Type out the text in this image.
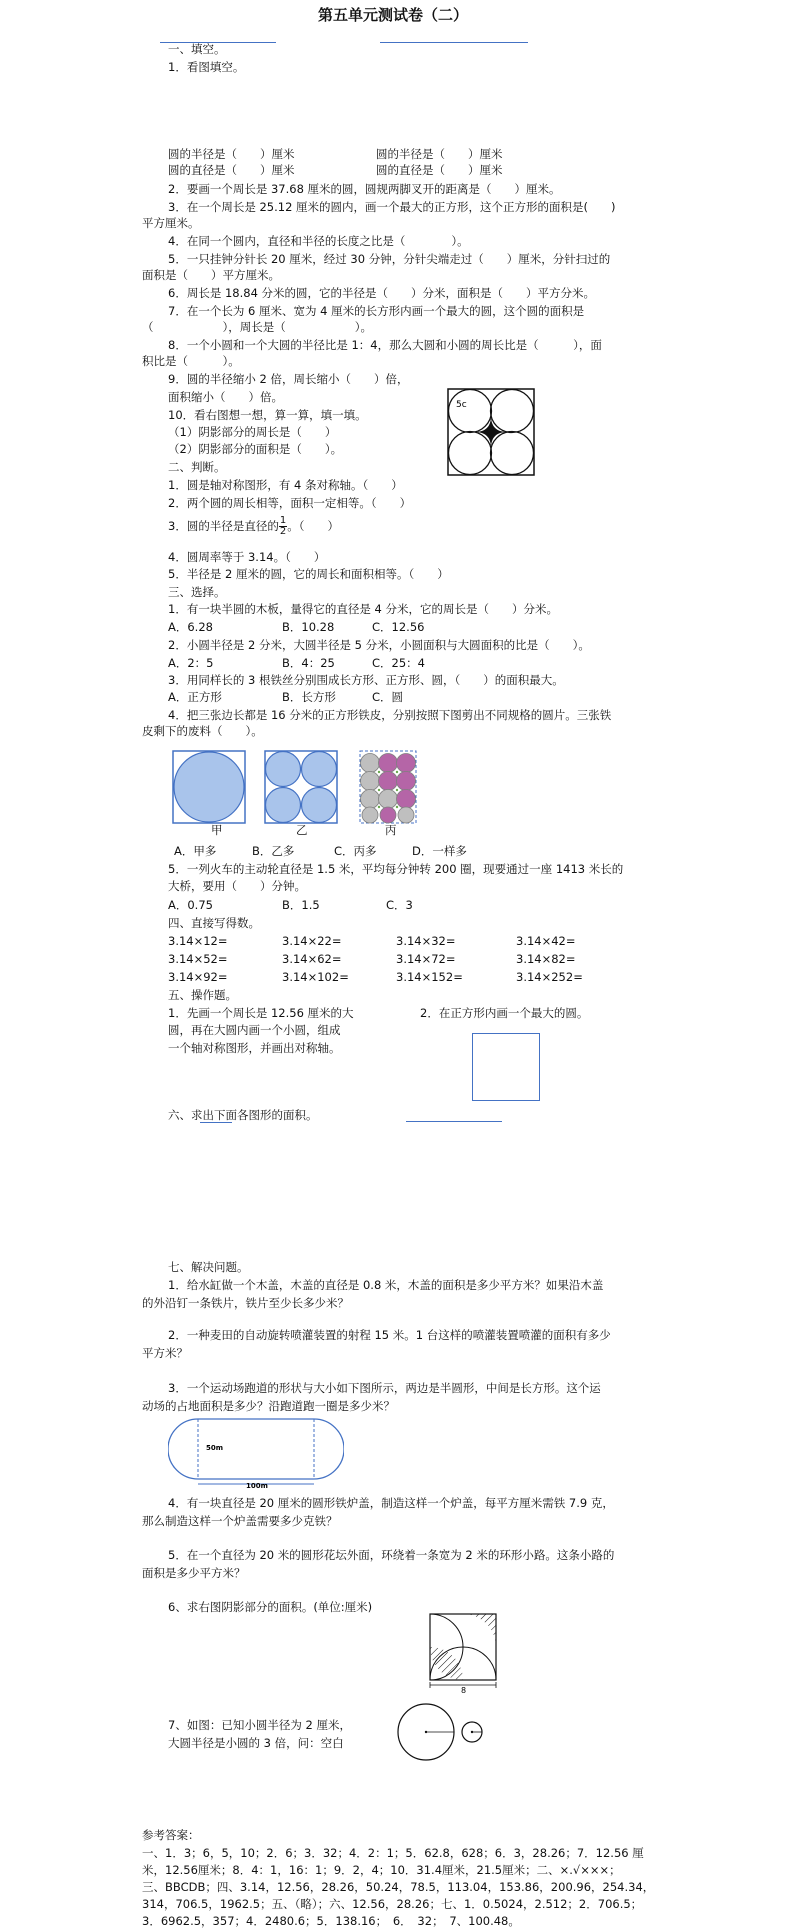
第五单元测试卷（二）
一、填空。
1．看图填空。
圆的半径是（　　）厘米	圆的半径是（　　）厘米
圆的直径是（　　）厘米	圆的直径是（　　）厘米
2．要画一个周长是 37.68 厘米的圆，圆规两脚叉开的距离是（　　）厘米。
3．在一个周长是 25.12 厘米的圆内，画一个最大的正方形，这个正方形的面积是(　　)
平方厘米。
4．在同一个圆内，直径和半径的长度之比是（　　　　）。
5．一只挂钟分针长 20 厘米，经过 30 分钟，分针尖端走过（　　）厘米，分针扫过的
面积是（　　）平方厘米。
6．周长是 18.84 分米的圆，它的半径是（　　）分米，面积是（　　）平方分米。
7．在一个长为 6 厘米、宽为 4 厘米的长方形内画一个最大的圆，这个圆的面积是
（　　　　　　），周长是（　　　　　　）。
8．一个小圆和一个大圆的半径比是 1：4，那么大圆和小圆的周长比是（　　　），面
积比是（　　　）。
9．圆的半径缩小 2 倍，周长缩小（　　）倍，
面积缩小（　　）倍。
10．看右图想一想，算一算，填一填。
（1）阴影部分的周长是（　　）
（2）阴影部分的面积是（　　）。
5c
二、判断。
1．圆是轴对称图形，有 4 条对称轴。（　　）
2．两个圆的周长相等，面积一定相等。（　　）
3．圆的半径是直径的 $\frac{1}{2}$ 。（　　）
4．圆周率等于 3.14。（　　）
5．半径是 2 厘米的圆，它的周长和面积相等。（　　）
三、选择。
1．有一块半圆的木板，量得它的直径是 4 分米，它的周长是（　　）分米。
A．6.28	B．10.28	C．12.56
2．小圆半径是 2 分米，大圆半径是 5 分米，小圆面积与大圆面积的比是（　　）。
A．2：5	B．4：25	C．25：4
3．用同样长的 3 根铁丝分别围成长方形、正方形、圆，（　　）的面积最大。
A．正方形	B．长方形	C．圆
4．把三张边长都是 16 分米的正方形铁皮，分别按照下图剪出不同规格的圆片。三张铁
皮剩下的废料（　　）。
甲	乙	丙
A．甲多	B．乙多	C．丙多	D．一样多
5．一列火车的主动轮直径是 1.5 米，平均每分钟转 200 圈，现要通过一座 1413 米长的
大桥，要用（　　）分钟。
A．0.75	B．1.5	C．3
四、直接写得数。
3.14×12=	3.14×22=	3.14×32=	3.14×42=
3.14×52=	3.14×62=	3.14×72=	3.14×82=
3.14×92=	3.14×102=	3.14×152=	3.14×252=
五、操作题。
1．先画一个周长是 12.56 厘米的大
圆，再在大圆内画一个小圆，组成
一个轴对称图形，并画出对称轴。
2．在正方形内画一个最大的圆。
六、求出下面各图形的面积。
七、解决问题。
1．给水缸做一个木盖，木盖的直径是 0.8 米，木盖的面积是多少平方米？如果沿木盖
的外沿钉一条铁片，铁片至少长多少米？
2．一种麦田的自动旋转喷灌装置的射程 15 米。1 台这样的喷灌装置喷灌的面积有多少
平方米？
3．一个运动场跑道的形状与大小如下图所示，两边是半圆形，中间是长方形。这个运
动场的占地面积是多少？沿跑道跑一圈是多少米？
50m
100m
4．有一块直径是 20 厘米的圆形铁炉盖，制造这样一个炉盖，每平方厘米需铁 7.9 克，
那么制造这样一个炉盖需要多少克铁？
5．在一个直径为 20 米的圆形花坛外面，环绕着一条宽为 2 米的环形小路。这条小路的
面积是多少平方米？
6、求右图阴影部分的面积。(单位:厘米)
8
7、如图：已知小圆半径为 2 厘米，
大圆半径是小圆的 3 倍，问：空白
参考答案：
一、1．3；6，5，10；2．6；3．32；4．2：1；5．62.8，628；6．3，28.26；7．12.56 厘
米，12.56厘米；8．4：1，16：1；9．2，4；10．31.4厘米，21.5厘米；二、×.√×××；
三、BBCDB；四、3.14，12.56，28.26，50.24，78.5，113.04，153.86，200.96，254.34，
314，706.5，1962.5；五、（略）；六、12.56，28.26；七、1．0.5024，2.512；2．706.5；
3．6962.5，357；4．2480.6；5．138.16；　6．　32；　7、100.48。
